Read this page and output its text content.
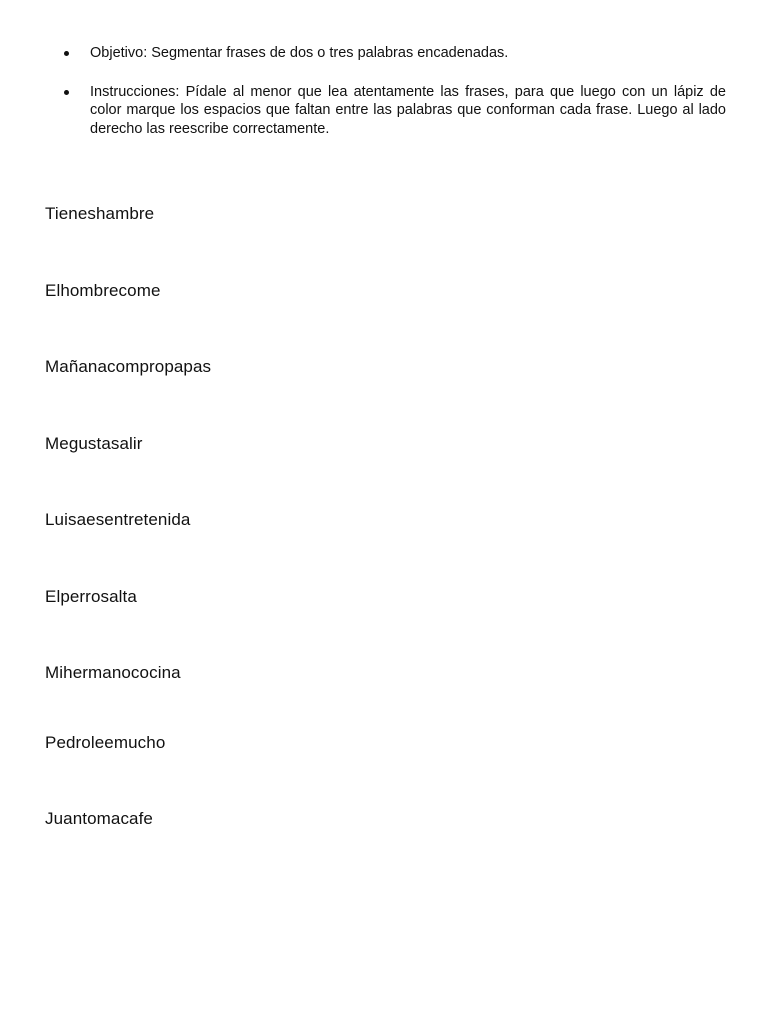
Objetivo: Segmentar frases de dos o tres palabras encadenadas.
Instrucciones: Pídale al menor que lea atentamente las frases, para que luego con un lápiz de color marque los espacios que faltan entre las palabras que conforman cada frase. Luego al lado derecho las reescribe correctamente.

Tieneshambre

Elhombrecome

Mañanacompropapas

Megustasalir

Luisaesentretenida

Elperrosalta

Mihermanococina

Pedroleemucho

Juantomacafe
